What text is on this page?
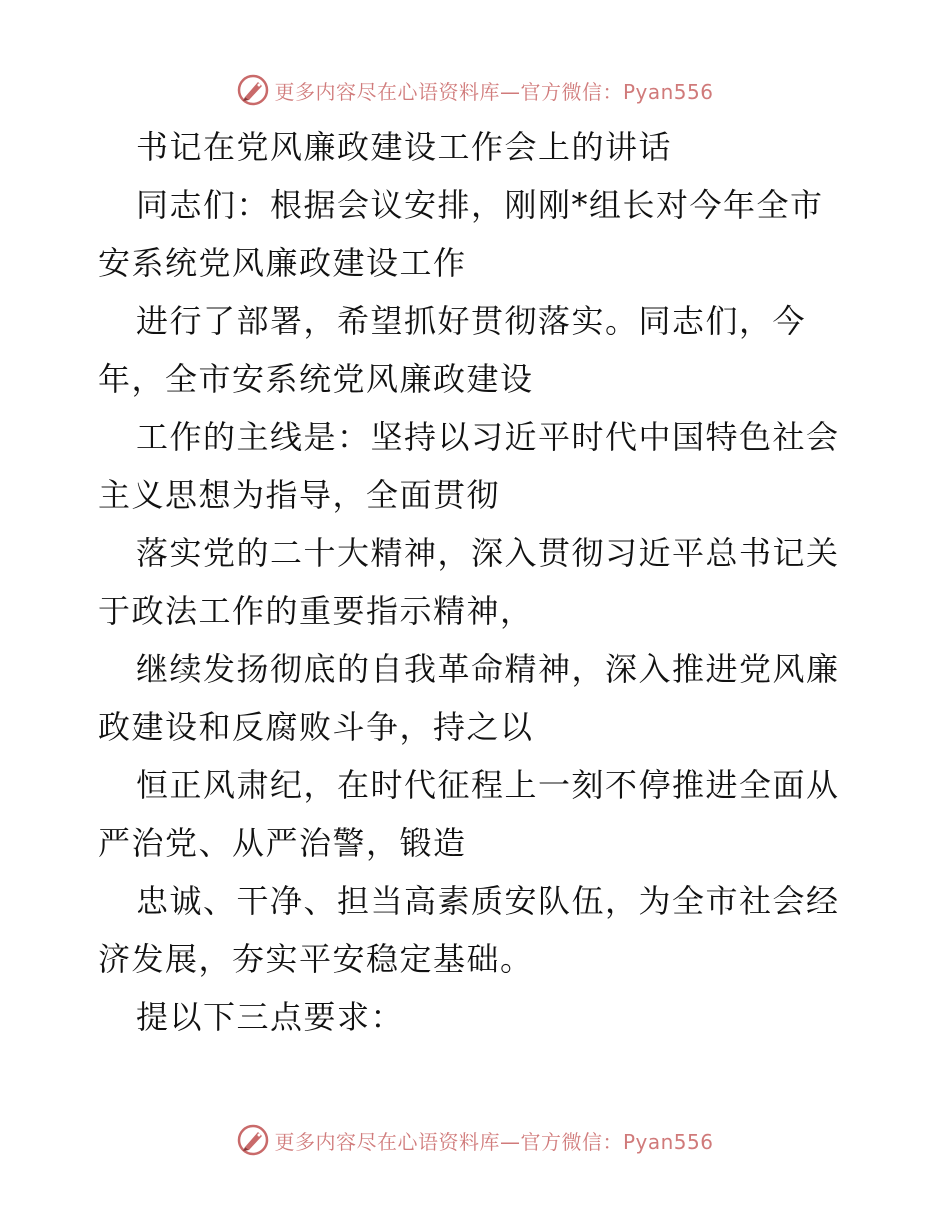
更多内容尽在心语资料库—官方微信：Pyan556
书记在党风廉政建设工作会上的讲话
同志们：根据会议安排，刚刚*组长对今年全市
安系统党风廉政建设工作
进行了部署，希望抓好贯彻落实。同志们，今
年，全市安系统党风廉政建设
工作的主线是：坚持以习近平时代中国特色社会
主义思想为指导，全面贯彻
落实党的二十大精神，深入贯彻习近平总书记关
于政法工作的重要指示精神，
继续发扬彻底的自我革命精神，深入推进党风廉
政建设和反腐败斗争，持之以
恒正风肃纪，在时代征程上一刻不停推进全面从
严治党、从严治警，锻造
忠诚、干净、担当高素质安队伍，为全市社会经
济发展，夯实平安稳定基础。
提以下三点要求：
更多内容尽在心语资料库—官方微信：Pyan556
